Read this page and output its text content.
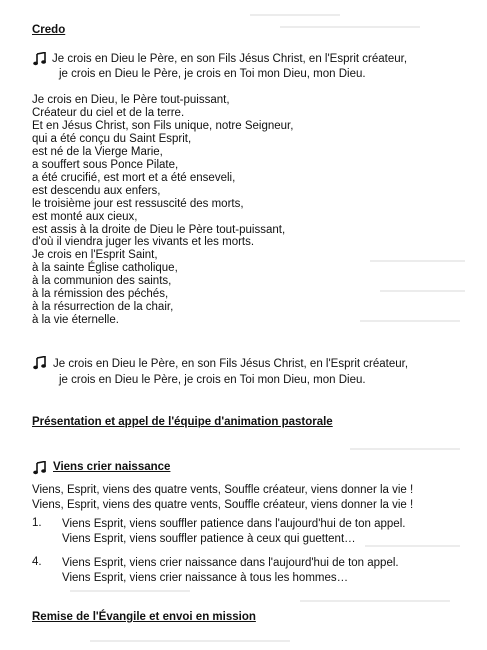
Credo
Je crois en Dieu le Père, en son Fils Jésus Christ, en l'Esprit créateur,
je crois en Dieu le Père, je crois en Toi mon Dieu, mon Dieu.
Je crois en Dieu, le Père tout-puissant,
Créateur du ciel et de la terre.
Et en Jésus Christ, son Fils unique, notre Seigneur,
qui a été conçu du Saint Esprit,
est né de la Vierge Marie,
a souffert sous Ponce Pilate,
a été crucifié, est mort et a été enseveli,
est descendu aux enfers,
le troisième jour est ressuscité des morts,
est monté aux cieux,
est assis à la droite de Dieu le Père tout-puissant,
d'où il viendra juger les vivants et les morts.
Je crois en l'Esprit Saint,
à la sainte Église catholique,
à la communion des saints,
à la rémission des péchés,
à la résurrection de la chair,
à la vie éternelle.
Je crois en Dieu le Père, en son Fils Jésus Christ, en l'Esprit créateur,
je crois en Dieu le Père, je crois en Toi mon Dieu, mon Dieu.
Présentation et appel de l'équipe d'animation pastorale
Viens crier naissance
Viens, Esprit, viens des quatre vents, Souffle créateur, viens donner la vie !
Viens, Esprit, viens des quatre vents, Souffle créateur, viens donner la vie !
1. Viens Esprit, viens souffler patience dans l'aujourd'hui de ton appel.
Viens Esprit, viens souffler patience à ceux qui guettent…
4. Viens Esprit, viens crier naissance dans l'aujourd'hui de ton appel.
Viens Esprit, viens crier naissance à tous les hommes…
Remise de l'Évangile et envoi en mission
